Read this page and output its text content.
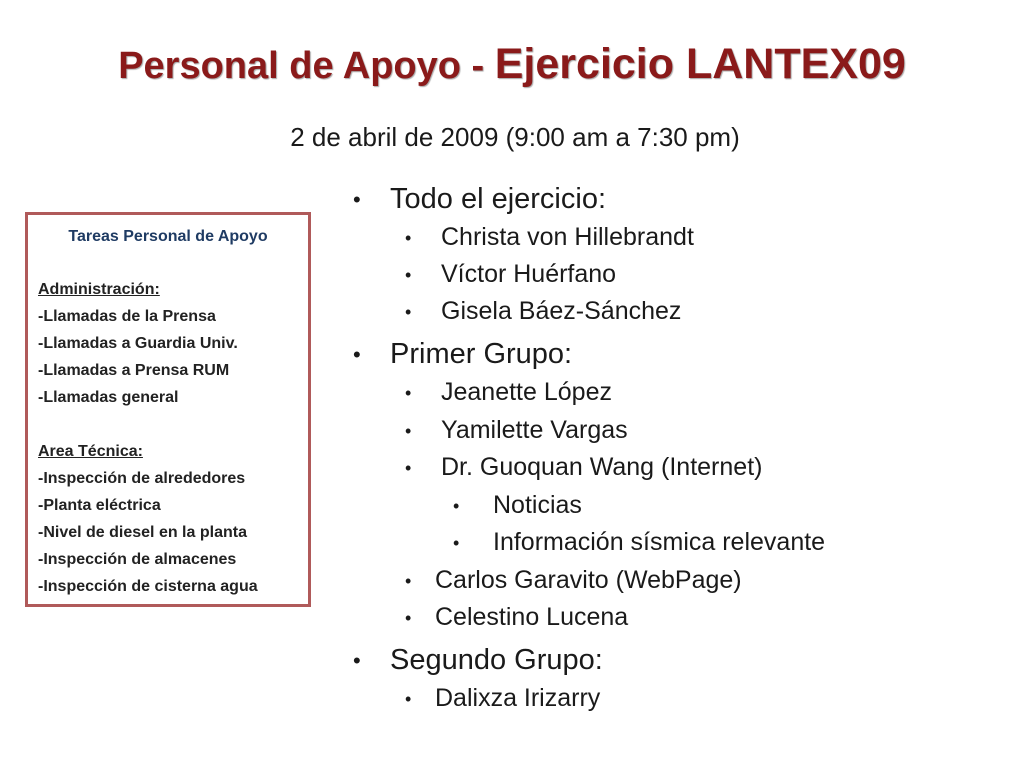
Personal de Apoyo - Ejercicio LANTEX09
2 de abril de 2009 (9:00 am a 7:30 pm)
Tareas Personal de Apoyo
Administración:
-Llamadas de la Prensa
-Llamadas a Guardia Univ.
-Llamadas a Prensa RUM
-Llamadas general
Area Técnica:
-Inspección de alrededores
-Planta eléctrica
-Nivel de diesel en la planta
-Inspección de almacenes
-Inspección de cisterna agua
• Todo el ejercicio:
• Christa von Hillebrandt
• Víctor Huérfano
• Gisela Báez-Sánchez
• Primer Grupo:
• Jeanette López
• Yamilette Vargas
• Dr. Guoquan Wang (Internet)
• Noticias
• Información sísmica relevante
• Carlos Garavito (WebPage)
• Celestino Lucena
• Segundo Grupo:
• Dalixza Irizarry
